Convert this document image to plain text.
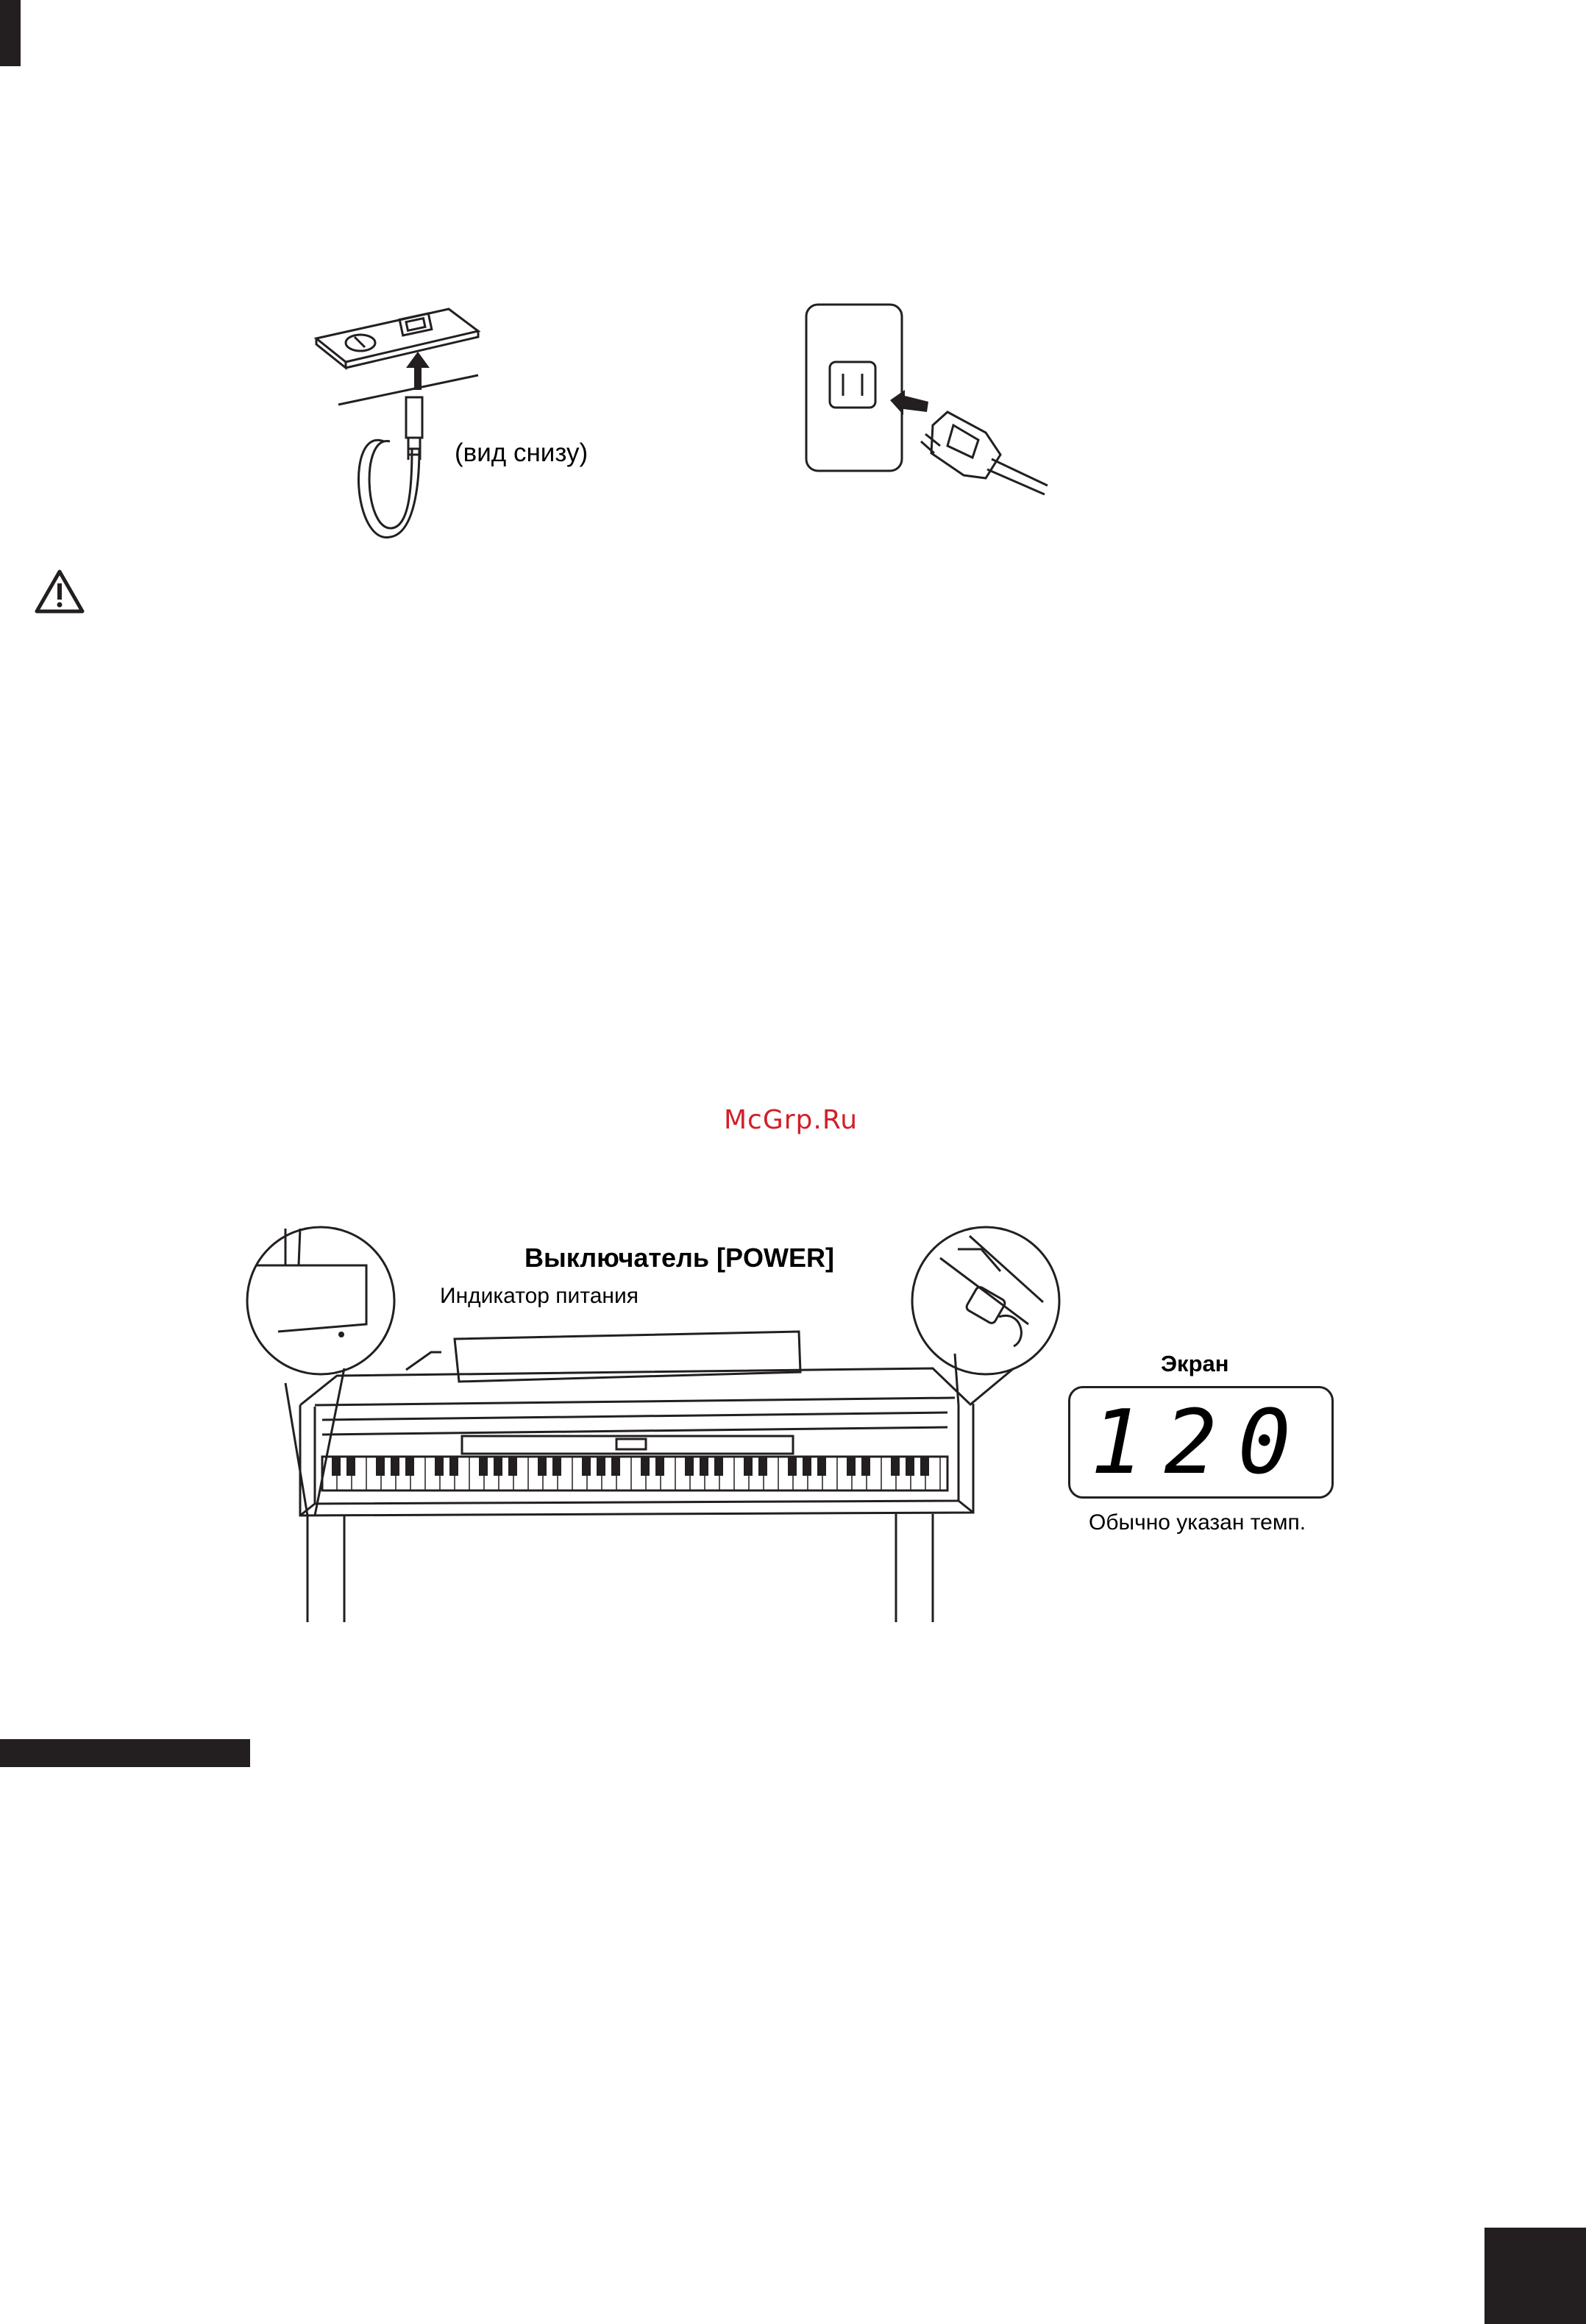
(вид снизу)
McGrp.Ru
Выключатель [POWER]
Индикатор питания
Экран
120
Обычно указан темп.
